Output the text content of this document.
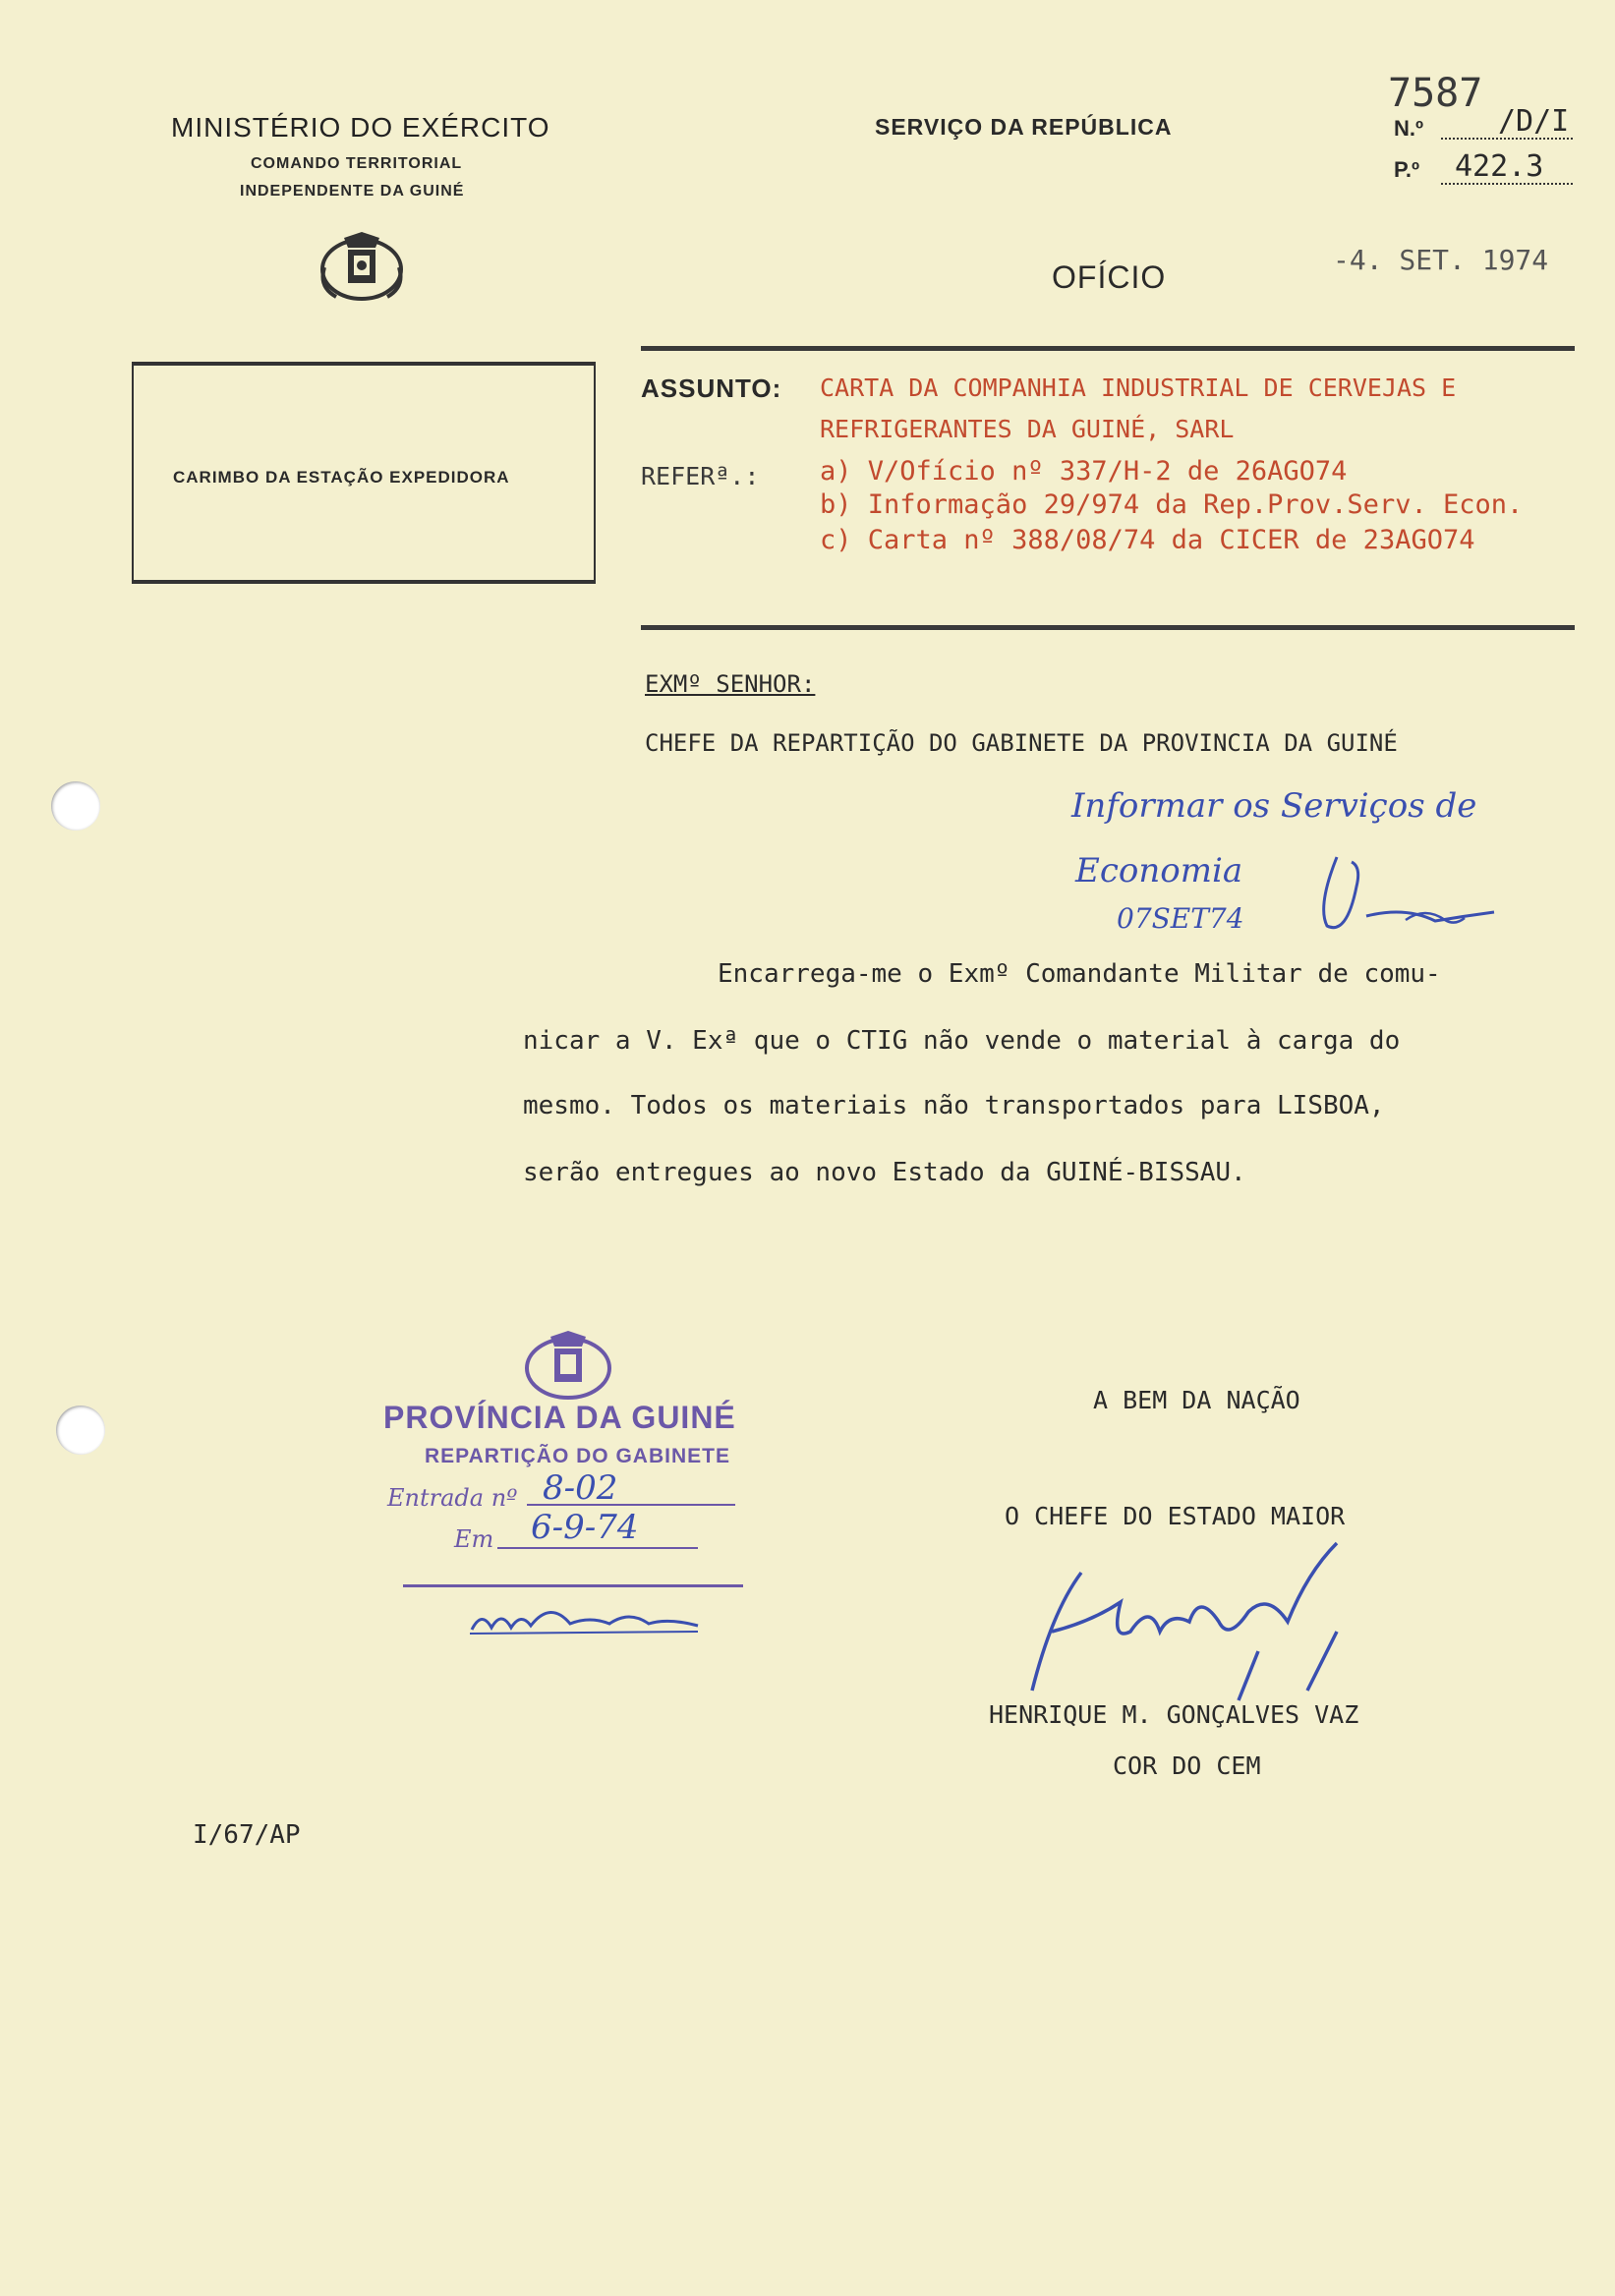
MINISTÉRIO DO EXÉRCITO
COMANDO TERRITORIAL
INDEPENDENTE DA GUINÉ
SERVIÇO DA REPÚBLICA
OFÍCIO
7587
N.º	/D/I
P.º 422.3
-4. SET. 1974
CARIMBO DA ESTAÇÃO EXPEDIDORA
ASSUNTO: CARTA DA COMPANHIA INDUSTRIAL DE CERVEJAS E
REFRIGERANTES DA GUINÉ, SARL
REFERª.: a) V/Ofício nº 337/H-2 de 26AGO74
b) Informação 29/974 da Rep.Prov.Serv. Econ.
c) Carta nº 388/08/74 da CICER de 23AGO74
EXMº SENHOR:
CHEFE DA REPARTIÇÃO DO GABINETE DA PROVINCIA DA GUINÉ
Informar os Serviços de
Economia
07SET74
Encarrega-me o Exmº Comandante Militar de comu-
nicar a V. Exª que o CTIG não vende o material à carga do
mesmo. Todos os materiais não transportados para LISBOA,
serão entregues ao novo Estado da GUINÉ-BISSAU.
PROVÍNCIA DA GUINÉ
REPARTIÇÃO DO GABINETE
Entrada nº 8-02
Em 6-9-74
A BEM DA NAÇÃO
O CHEFE DO ESTADO MAIOR
HENRIQUE M. GONÇALVES VAZ
COR DO CEM
I/67/AP
